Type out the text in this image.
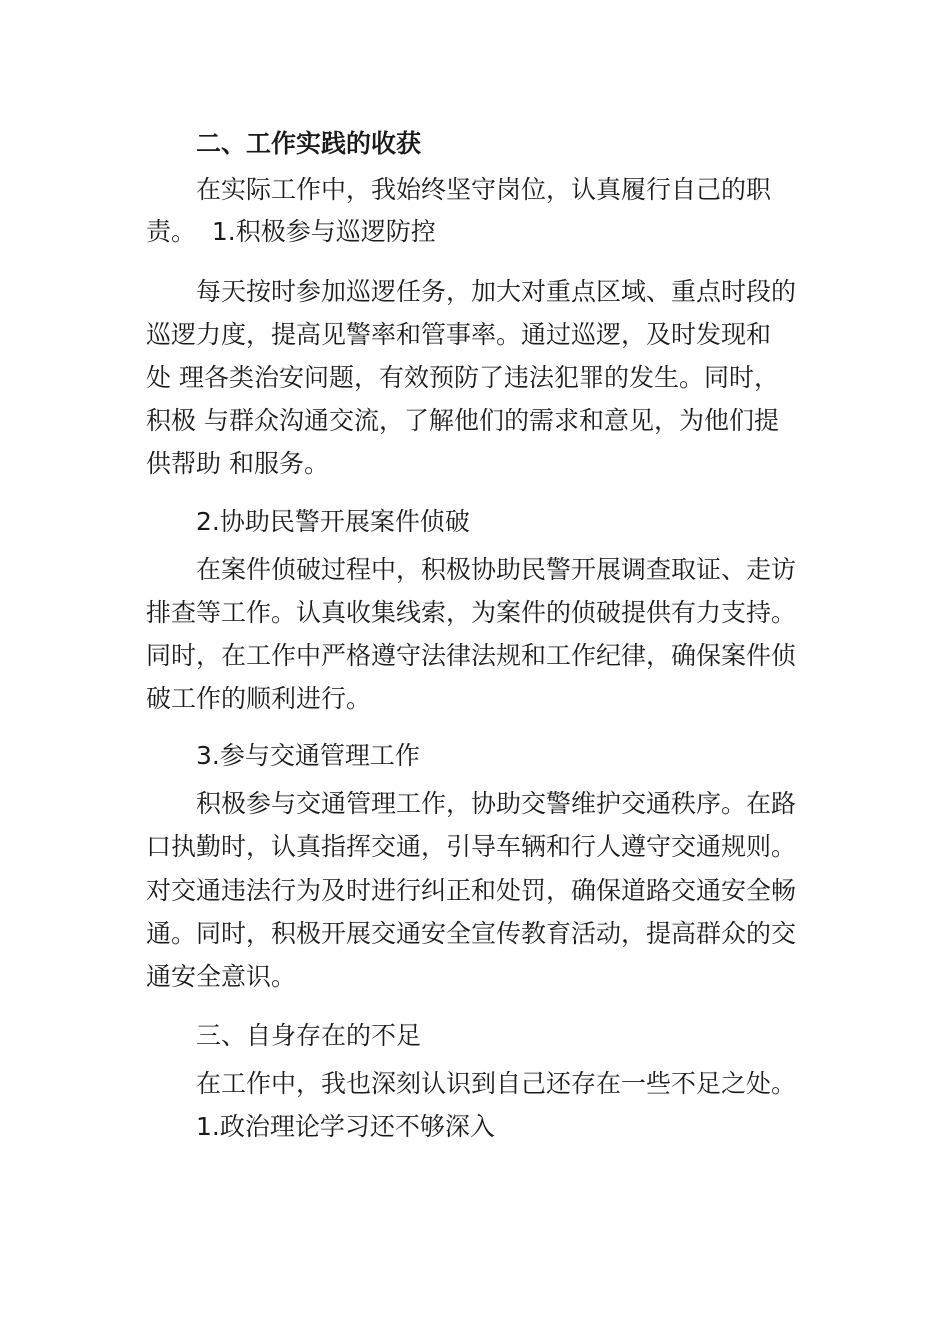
二、工作实践的收获
在实际工作中，我始终坚守岗位，认真履行自己的职
责。  1.积极参与巡逻防控
每天按时参加巡逻任务，加大对重点区域、重点时段的
巡逻力度，提高见警率和管事率。通过巡逻，及时发现和
处 理各类治安问题，有效预防了违法犯罪的发生。同时，
积极 与群众沟通交流，了解他们的需求和意见，为他们提
供帮助 和服务。
2.协助民警开展案件侦破
在案件侦破过程中，积极协助民警开展调查取证、走访
排查等工作。认真收集线索，为案件的侦破提供有力支持。
同时，在工作中严格遵守法律法规和工作纪律，确保案件侦
破工作的顺利进行。
3.参与交通管理工作
积极参与交通管理工作，协助交警维护交通秩序。在路
口执勤时，认真指挥交通，引导车辆和行人遵守交通规则。
对交通违法行为及时进行纠正和处罚，确保道路交通安全畅
通。同时，积极开展交通安全宣传教育活动，提高群众的交
通安全意识。
三、自身存在的不足
在工作中，我也深刻认识到自己还存在一些不足之处。
1.政治理论学习还不够深入
